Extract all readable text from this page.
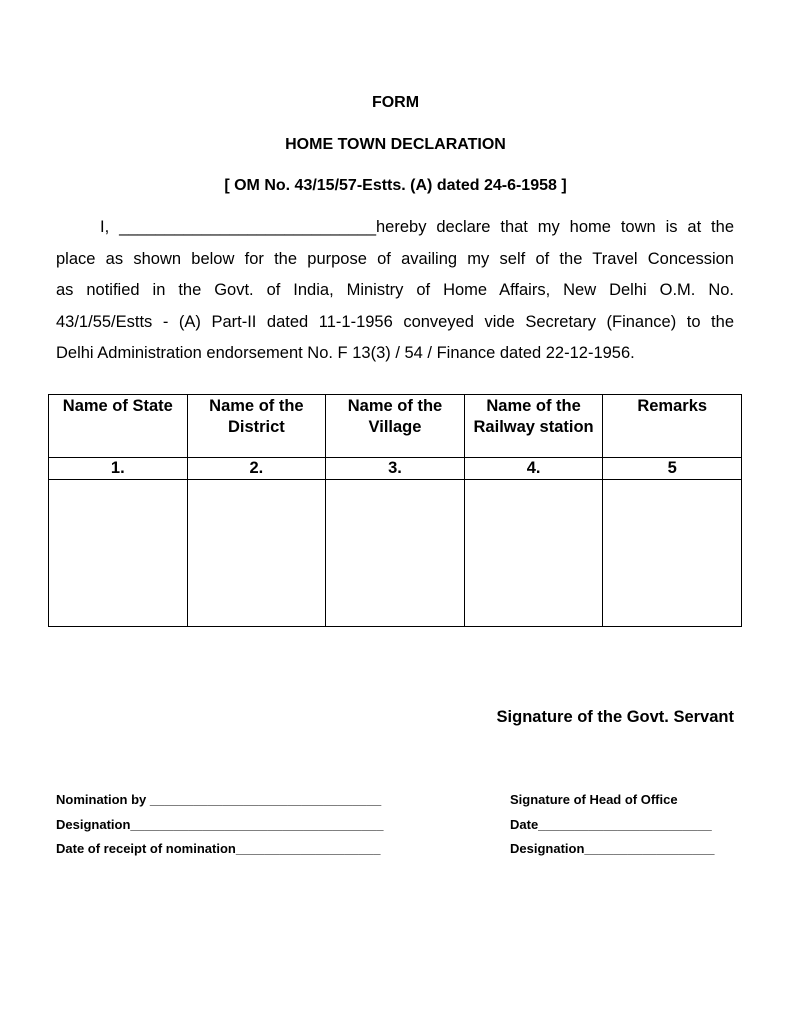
FORM
HOME TOWN DECLARATION
[ OM No. 43/15/57-Estts. (A) dated 24-6-1958 ]

I, ____________________________hereby declare that my home town is at the

place as shown below for the purpose of availing my self of the Travel Concession

as notified in the Govt. of India, Ministry of Home Affairs, New Delhi O.M. No.

43/1/55/Estts - (A) Part-II dated 11-1-1956 conveyed vide Secretary (Finance) to the

Delhi Administration endorsement No. F 13(3) / 54 / Finance dated 22-12-1956.

Name of State	Name of the District	Name of the Village	Name of the Railway station	Remarks
1.	2.	3.	4.	5

Signature of the Govt. Servant
Nomination by ________________________________
Designation___________________________________
Date of receipt of nomination____________________
Signature of Head of Office
Date________________________
Designation__________________
